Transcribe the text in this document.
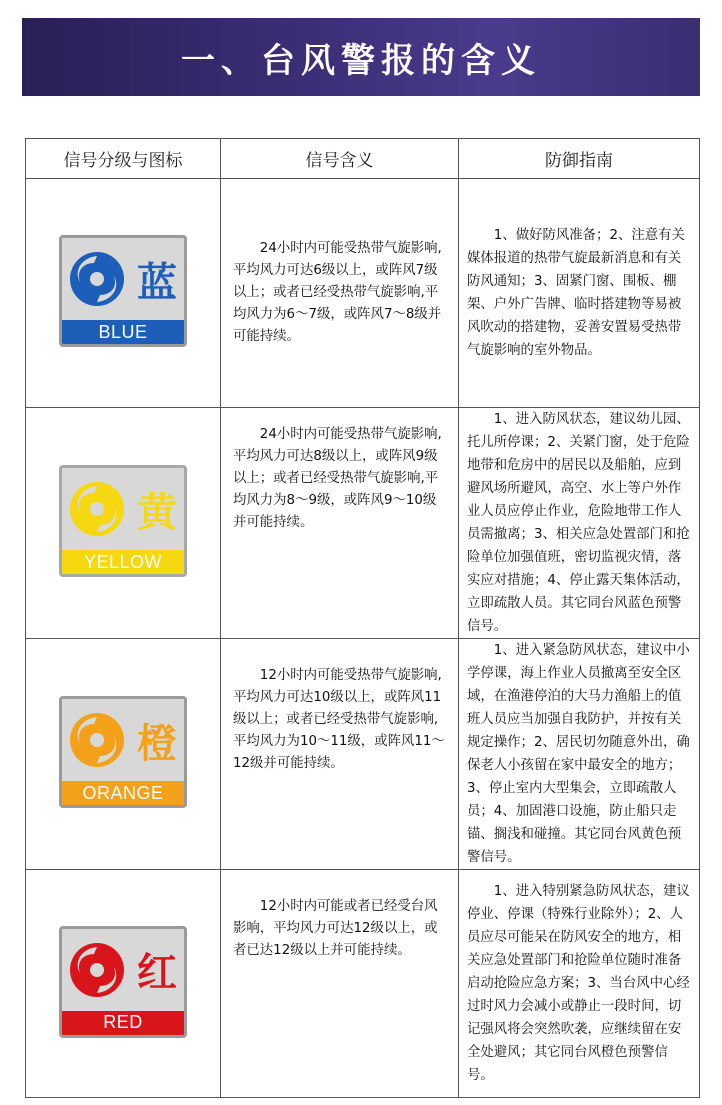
一、台风警报的含义
信号分级与图标	信号含义	防御指南

蓝
BLUE	24小时内可能受热带气旋影响,平均风力可达6级以上，或阵风7级以上；或者已经受热带气旋影响,平均风力为6～7级，或阵风7～8级并可能持续。	1、做好防风准备；2、注意有关媒体报道的热带气旋最新消息和有关防风通知；3、固紧门窗、围板、棚架、户外广告牌、临时搭建物等易被风吹动的搭建物，妥善安置易受热带气旋影响的室外物品。

黄
YELLOW	24小时内可能受热带气旋影响,平均风力可达8级以上，或阵风9级以上；或者已经受热带气旋影响,平均风力为8～9级，或阵风9～10级并可能持续。	1、进入防风状态，建议幼儿园、托儿所停课；2、关紧门窗，处于危险地带和危房中的居民以及船舶，应到避风场所避风，高空、水上等户外作业人员应停止作业，危险地带工作人员需撤离；3、相关应急处置部门和抢险单位加强值班，密切监视灾情，落实应对措施；4、停止露天集体活动，立即疏散人员。其它同台风蓝色预警信号。

橙
ORANGE	12小时内可能受热带气旋影响,平均风力可达10级以上，或阵风11级以上；或者已经受热带气旋影响,平均风力为10～11级，或阵风11～12级并可能持续。	1、进入紧急防风状态，建议中小学停课，海上作业人员撤离至安全区域，在渔港停泊的大马力渔船上的值班人员应当加强自我防护，并按有关规定操作；2、居民切勿随意外出，确保老人小孩留在家中最安全的地方；3、停止室内大型集会，立即疏散人员；4、加固港口设施，防止船只走锚、搁浅和碰撞。其它同台风黄色预警信号。

红
RED	12小时内可能或者已经受台风影响，平均风力可达12级以上，或者已达12级以上并可能持续。	1、进入特别紧急防风状态，建议停业、停课（特殊行业除外）；2、人员应尽可能呆在防风安全的地方，相关应急处置部门和抢险单位随时准备启动抢险应急方案；3、当台风中心经过时风力会减小或静止一段时间，切记强风将会突然吹袭，应继续留在安全处避风；其它同台风橙色预警信号。
